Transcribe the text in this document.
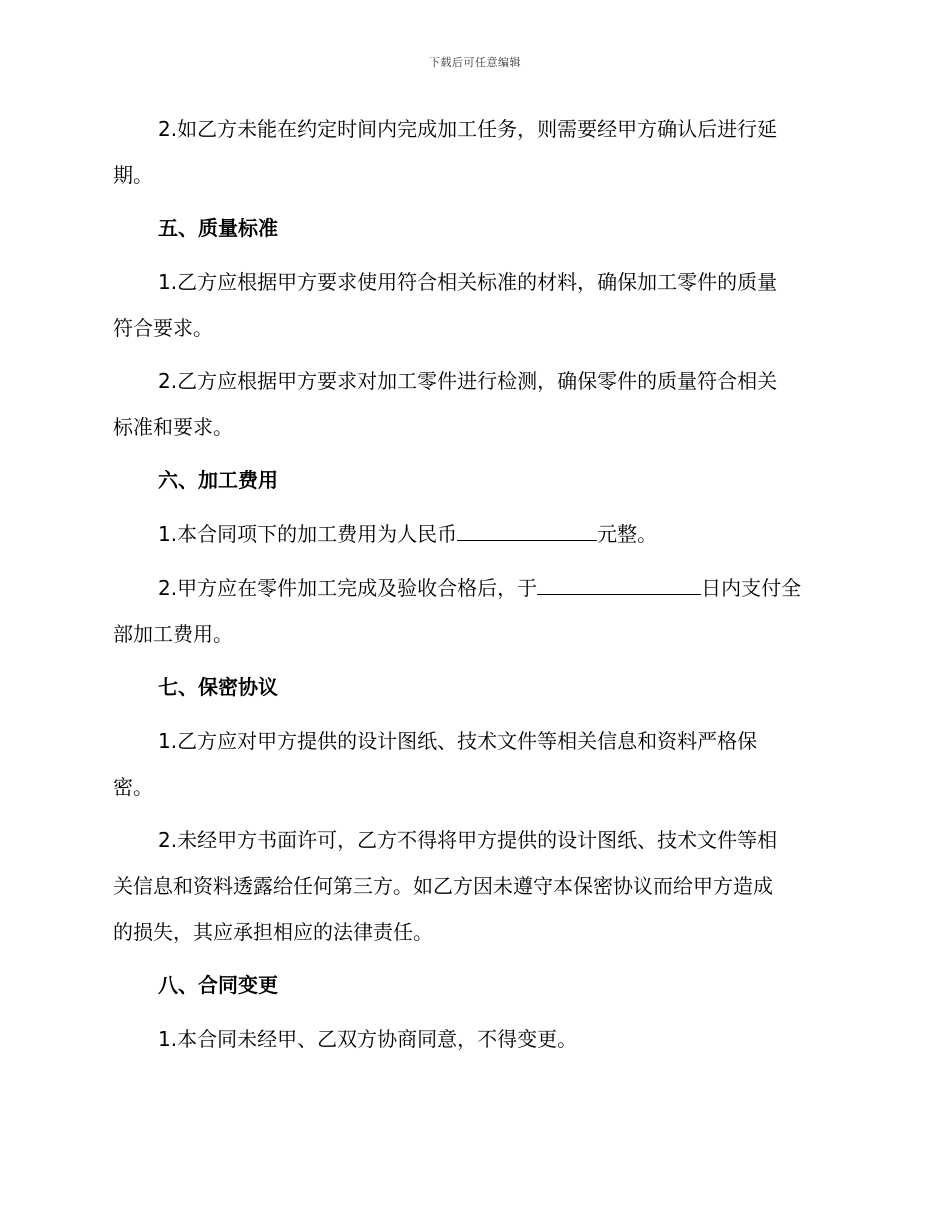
下载后可任意编辑

2.如乙方未能在约定时间内完成加工任务，则需要经甲方确认后进行延
期。

五、质量标准

1.乙方应根据甲方要求使用符合相关标准的材料，确保加工零件的质量
符合要求。

2.乙方应根据甲方要求对加工零件进行检测，确保零件的质量符合相关
标准和要求。

六、加工费用

1.本合同项下的加工费用为人民币	元整。

2.甲方应在零件加工完成及验收合格后，于	日内支付全
部加工费用。

七、保密协议

1.乙方应对甲方提供的设计图纸、技术文件等相关信息和资料严格保
密。

2.未经甲方书面许可，乙方不得将甲方提供的设计图纸、技术文件等相
关信息和资料透露给任何第三方。如乙方因未遵守本保密协议而给甲方造成
的损失，其应承担相应的法律责任。

八、合同变更

1.本合同未经甲、乙双方协商同意，不得变更。
